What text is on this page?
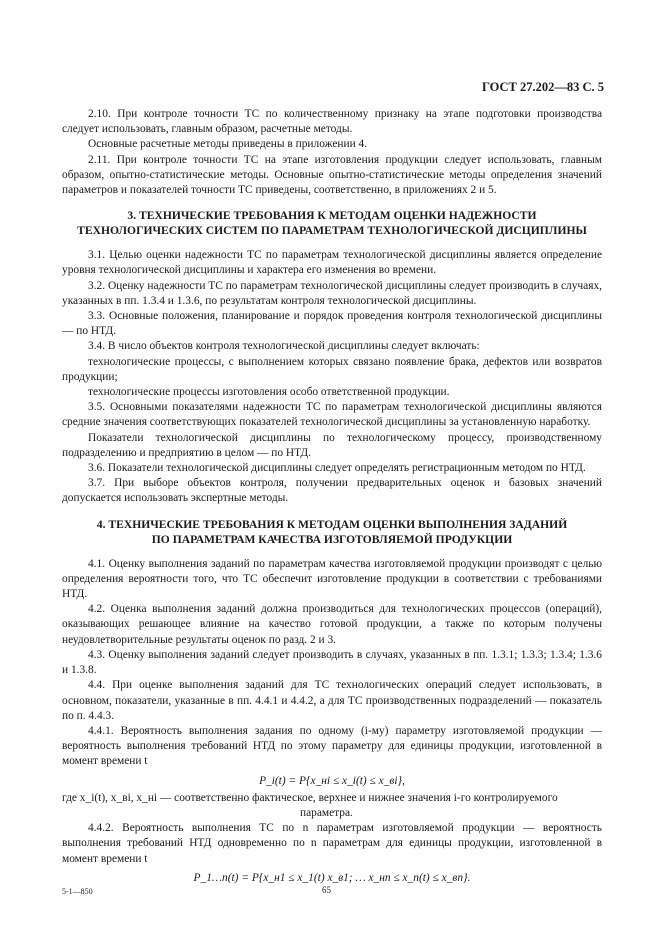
ГОСТ 27.202—83 С. 5

2.10. При контроле точности ТС по количественному признаку на этапе подготовки производства следует использовать, главным образом, расчетные методы.

Основные расчетные методы приведены в приложении 4.

2.11. При контроле точности ТС на этапе изготовления продукции следует использовать, главным образом, опытно-статистические методы. Основные опытно-статистические методы определения значений параметров и показателей точности ТС приведены, соответственно, в приложениях 2 и 5.

3. ТЕХНИЧЕСКИЕ ТРЕБОВАНИЯ К МЕТОДАМ ОЦЕНКИ НАДЕЖНОСТИ
ТЕХНОЛОГИЧЕСКИХ СИСТЕМ ПО ПАРАМЕТРАМ ТЕХНОЛОГИЧЕСКОЙ ДИСЦИПЛИНЫ

3.1. Целью оценки надежности ТС по параметрам технологической дисциплины является определение уровня технологической дисциплины и характера его изменения во времени.

3.2. Оценку надежности ТС по параметрам технологической дисциплины следует производить в случаях, указанных в пп. 1.3.4 и 1.3.6, по результатам контроля технологической дисциплины.

3.3. Основные положения, планирование и порядок проведения контроля технологической дисциплины — по НТД.

3.4. В число объектов контроля технологической дисциплины следует включать:

технологические процессы, с выполнением которых связано появление брака, дефектов или возвратов продукции;

технологические процессы изготовления особо ответственной продукции.

3.5. Основными показателями надежности ТС по параметрам технологической дисциплины являются средние значения соответствующих показателей технологической дисциплины за установленную наработку.

Показатели технологической дисциплины по технологическому процессу, производственному подразделению и предприятию в целом — по НТД.

3.6. Показатели технологической дисциплины следует определять регистрационным методом по НТД.

3.7. При выборе объектов контроля, получении предварительных оценок и базовых значений допускается использовать экспертные методы.

4. ТЕХНИЧЕСКИЕ ТРЕБОВАНИЯ К МЕТОДАМ ОЦЕНКИ ВЫПОЛНЕНИЯ ЗАДАНИЙ
ПО ПАРАМЕТРАМ КАЧЕСТВА ИЗГОТОВЛЯЕМОЙ ПРОДУКЦИИ

4.1. Оценку выполнения заданий по параметрам качества изготовляемой продукции производят с целью определения вероятности того, что ТС обеспечит изготовление продукции в соответствии с требованиями НТД.

4.2. Оценка выполнения заданий должна производиться для технологических процессов (операций), оказывающих решающее влияние на качество готовой продукции, а также по которым получены неудовлетворительные результаты оценок по разд. 2 и 3.

4.3. Оценку выполнения заданий следует производить в случаях, указанных в пп. 1.3.1; 1.3.3; 1.3.4; 1.3.6 и 1.3.8.

4.4. При оценке выполнения заданий для ТС технологических операций следует использовать, в основном, показатели, указанные в пп. 4.4.1 и 4.4.2, а для ТС производственных подразделений — показатель по п. 4.4.3.

4.4.1. Вероятность выполнения задания по одному (i-му) параметру изготовляемой продукции — вероятность выполнения требований НТД по этому параметру для единицы продукции, изготовленной в момент времени t

P_i(t) = P{x_нi ≤ x_i(t) ≤ x_вi},

где x_i(t), x_вi, x_нi — соответственно фактическое, верхнее и нижнее значения i-го контролируемого

параметра.

4.4.2. Вероятность выполнения ТС по n параметрам изготовляемой продукции — вероятность выполнения требований НТД одновременно по n параметрам для единицы продукции, изготовленной в момент времени t

P_1…n(t) = P{x_н1 ≤ x_1(t) x_в1; … x_нn ≤ x_n(t) ≤ x_вn}.
5-1—850	65
